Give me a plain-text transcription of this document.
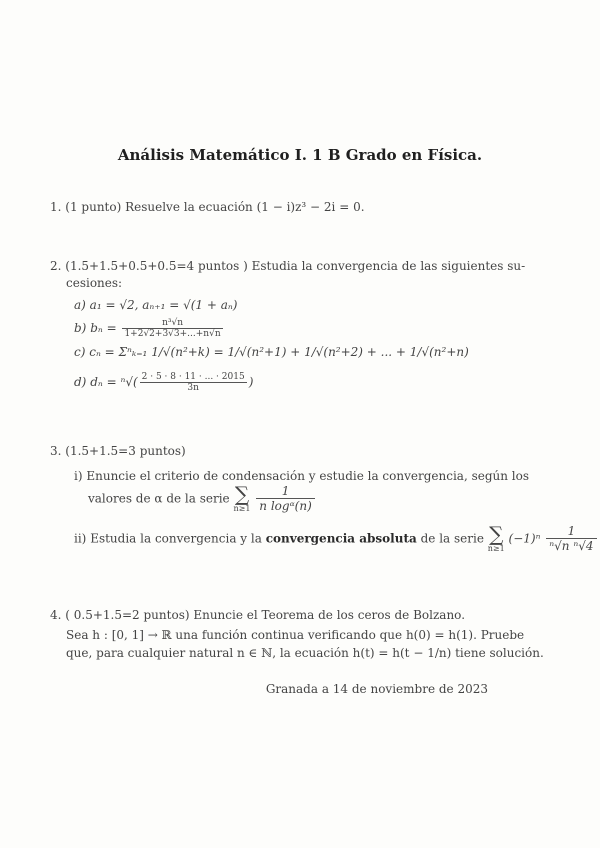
Análisis Matemático I. 1 B Grado en Física.
1. (1 punto) Resuelve la ecuación (1 − i)z³ − 2i = 0.
2. (1.5+1.5+0.5+0.5=4 puntos ) Estudia la convergencia de las siguientes su-
cesiones:
a) a₁ = √2, aₙ₊₁ = √(1 + aₙ)
b) $b_n = \frac{\text{n³√n}}{1+2√2+3√3+...+n√n}$
c) cₙ = Σⁿₖ₌₁ 1/√(n²+k) = 1/√(n²+1) + 1/√(n²+2) + ... + 1/√(n²+n)
d) $d_n = ^n√( \frac{2 \cdot 5 \cdot 8 \cdot 11 \cdot ... \cdot 2015}{3n}$ )
3. (1.5+1.5=3 puntos)
i) Enuncie el criterio de condensación y estudie la convergencia, según los
valores de α de la serie ∑
n≥1
$\frac{1}{\text{n logᵅ(n)}}$
ii) Estudia la convergencia y la convergencia absoluta de la serie ∑
n≥1
$(-1)^n \frac{1}{\text{ⁿ√n ⁿ√4}}$
4. ( 0.5+1.5=2 puntos) Enuncie el Teorema de los ceros de Bolzano.
Sea h : [0, 1] → ℝ una función continua verificando que h(0) = h(1). Pruebe
que, para cualquier natural n ∈ ℕ, la ecuación h(t) = h(t − 1/n) tiene solución.
Granada a 14 de noviembre de 2023
